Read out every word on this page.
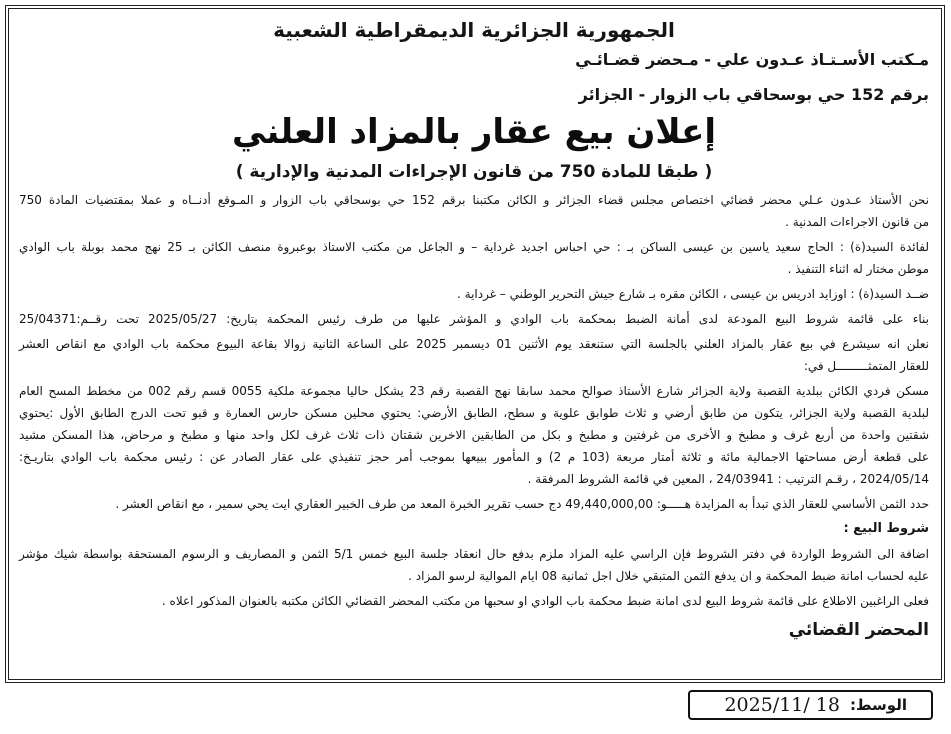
الجمهورية الجزائرية الديمقراطية الشعبية
مـكتب الأسـتـاذ عـدون علي - مـحضر قضـائـي
برقم 152 حي بوسحاقي باب الزوار - الجزائر
إعلان بيع عقار بالمزاد العلني
( طبقا للمادة 750 من قانون الإجراءات المدنية والإدارية )

نحن الأستاذ عـدون عـلي محضر قضائي اختصاص مجلس قضاء الجزائر و الكائن مكتبنا برقم 152 حي بوسحاقي باب الزوار و المـوقع أدنــاه و عملا بمقتضيات المادة 750
من قانون الاجراءات المدنية .

لفائدة السيد(ة) : الحاج سعيد ياسين بن عيسى الساكن بـ : حي احباس اجديد غرداية – و الجاعل من مكتب الاستاذ بوعبروة منصف الكائن بـ 25 نهج محمد بوبلة باب الوادي
موطن مختار له اثناء التنفيذ .

ضــد السيد(ة) : اوزايد ادريس بن عيسى ، الكائن مقره بـ شارع جيش التحرير الوطني – غرداية .

بناء على قائمة شروط البيع المودعة لدى أمانة الضبط بمحكمة باب الوادي و المؤشر عليها من طرف رئيس المحكمة بتاريخ: 2025/05/27 تحت رقــم:25/04371

نعلن انه سيشرع في بيع عقار بالمزاد العلني بالجلسة التي ستنعقد يوم الأثنين 01 ديسمبر 2025 على الساعة الثانية زوالا بقاعة البيوع محكمة باب الوادي مع انقاص العشر
للعقار المتمثـــــــــل في:

مسكن فردي الكائن ببلدية القصبة ولاية الجزائر شارع الأستاذ صوالح محمد سابقا نهج القصبة رقم 23 يشكل حاليا مجموعة ملكية 0055 قسم رقم 002 من مخطط المسح العام
لبلدية القصبة ولاية الجزائر، يتكون من طابق أرضي و ثلاث طوابق علوية و سطح، الطابق الأرضي: يحتوي محلين مسكن حارس العمارة و قبو تحت الدرج الطابق الأول :يحتوي
شقتين واحدة من أربع غرف و مطبخ و الأخرى من غرفتين و مطبخ و بكل من الطابقين الاخرين شقتان ذات ثلاث غرف لكل واحد منها و مطبخ و مرحاض، هذا المسكن مشيد
على قطعة أرض مساحتها الاجمالية مائة و ثلاثة أمتار مربعة (103 م 2) و المأمور ببيعها بموجب أمر حجز تنفيذي على عقار الصادر عن : رئيس محكمة باب الوادي بتاريـخ:
2024/05/14 ، رقـم الترتيب : 24/03941 ، المعين في قائمة الشروط المرفقة .

حدد الثمن الأساسي للعقار الذي تبدأ به المزايدة هـــــو: 49,440,000,00 دج حسب تقرير الخبرة المعد من طرف الخبير العقاري ايت يحي سمير ، مع انقاص العشر .

شروط البيع :

اضافة الى الشروط الواردة في دفتر الشروط فإن الراسي عليه المزاد ملزم بدفع حال انعقاد جلسة البيع خمس 5/1 الثمن و المصاريف و الرسوم المستحقة بواسطة شيك مؤشر
عليه لحساب امانة ضبط المحكمة و ان يدفع الثمن المتبقي خلال اجل ثمانية 08 ايام الموالية لرسو المزاد .

فعلى الراغبين الاطلاع على قائمة شروط البيع لدى امانة ضبط محكمة باب الوادي او سحبها من مكتب المحضر القضائي الكائن مكتبه بالعنوان المذكور اعلاه .

المحضر القضائي
الوسط:
2025/11/ 18
